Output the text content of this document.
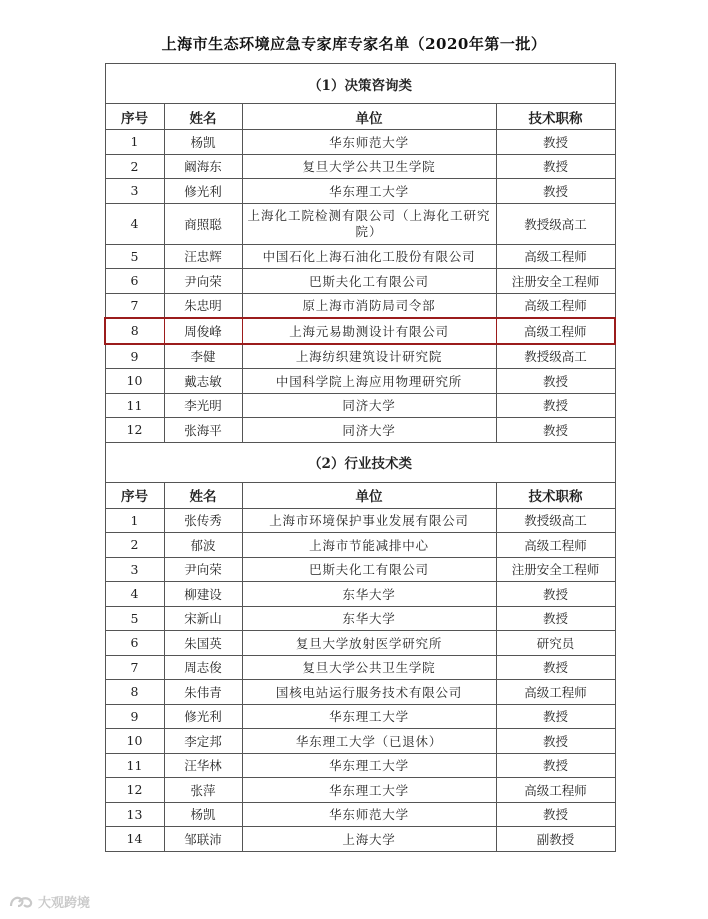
上海市生态环境应急专家库专家名单（2020年第一批）
（1）决策咨询类			
序号	姓名	单位	技术职称
1	杨凯	华东师范大学	教授
2	阚海东	复旦大学公共卫生学院	教授
3	修光利	华东理工大学	教授
4	商照聪	上海化工院检测有限公司（上海化工研究院）	教授级高工
5	汪忠辉	中国石化上海石油化工股份有限公司	高级工程师
6	尹向荣	巴斯夫化工有限公司	注册安全工程师
7	朱忠明	原上海市消防局司令部	高级工程师
8	周俊峰	上海元易勘测设计有限公司	高级工程师
9	李健	上海纺织建筑设计研究院	教授级高工
10	戴志敏	中国科学院上海应用物理研究所	教授
11	李光明	同济大学	教授
12	张海平	同济大学	教授
（2）行业技术类			
序号	姓名	单位	技术职称
1	张传秀	上海市环境保护事业发展有限公司	教授级高工
2	郁波	上海市节能减排中心	高级工程师
3	尹向荣	巴斯夫化工有限公司	注册安全工程师
4	柳建设	东华大学	教授
5	宋新山	东华大学	教授
6	朱国英	复旦大学放射医学研究所	研究员
7	周志俊	复旦大学公共卫生学院	教授
8	朱伟青	国核电站运行服务技术有限公司	高级工程师
9	修光利	华东理工大学	教授
10	李定邦	华东理工大学（已退休）	教授
11	汪华林	华东理工大学	教授
12	张萍	华东理工大学	高级工程师
13	杨凯	华东师范大学	教授
14	邹联沛	上海大学	副教授
大观跨境
